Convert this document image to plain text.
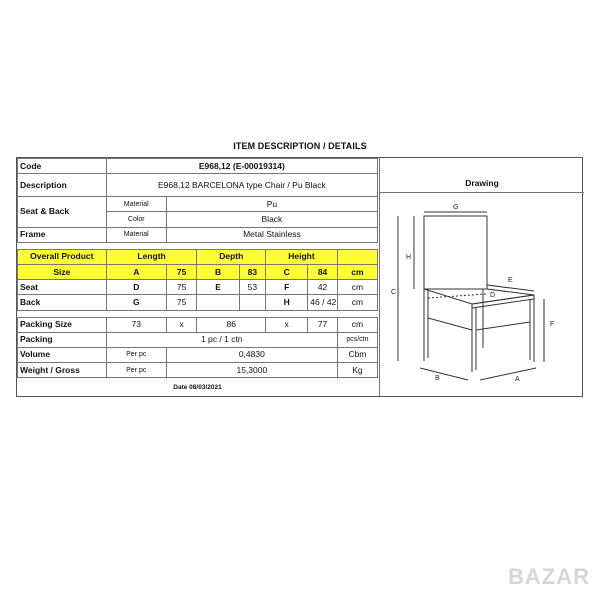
ITEM DESCRIPTION / DETAILS
Code	E968,12 (E-00019314)						
Description	E968,12 BARCELONA type Chair / Pu Black						
Seat & Back	Material	Pu					
	Color	Black					
Frame	Material	Metal Stainless					

Overall Product	Length		Depth		Height		
Size	A	75	B	83	C	84	cm
Seat	D	75	E	53	F	42	cm
Back	G	75			H	46 / 42	cm

Packing Size	73	x	86		x	77	cm
Packing	1 pc / 1 ctn						pcs/ctn
Volume	Per pc	0,4830					Cbm
Weight / Gross	Per pc	15,3000					Kg
Date 08/03/2021
Drawing
G
H
C
E
D
F
B	A
BAZAR
